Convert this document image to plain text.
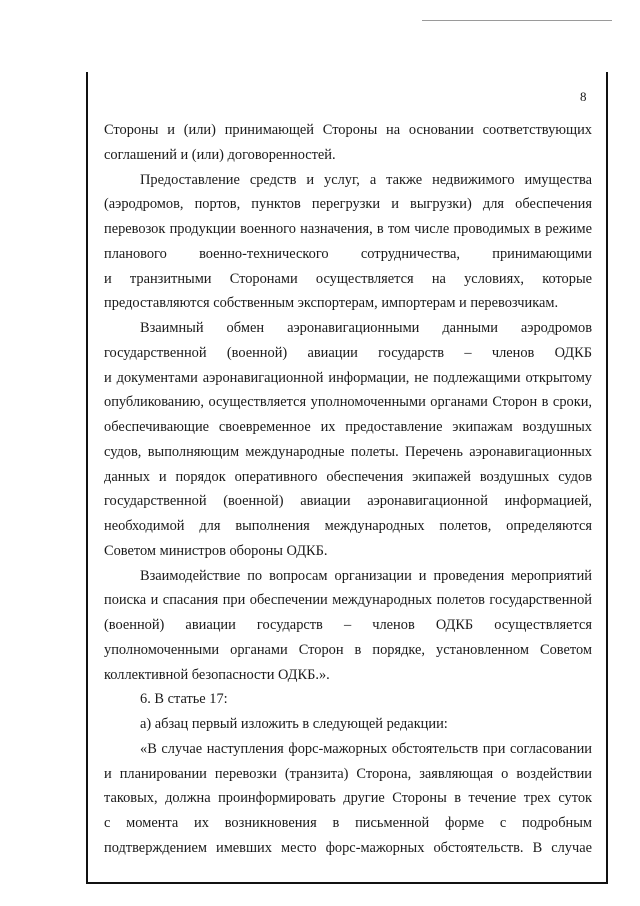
8
Стороны и (или) принимающей Стороны на основании соответствующих
соглашений и (или) договоренностей.
Предоставление средств и услуг, а также недвижимого имущества
(аэродромов, портов, пунктов перегрузки и выгрузки) для обеспечения
перевозок продукции военного назначения, в том числе проводимых в режиме
планового военно-технического сотрудничества, принимающими
и транзитными Сторонами осуществляется на условиях, которые
предоставляются собственным экспортерам, импортерам и перевозчикам.
Взаимный обмен аэронавигационными данными аэродромов
государственной (военной) авиации государств – членов ОДКБ
и документами аэронавигационной информации, не подлежащими открытому
опубликованию, осуществляется уполномоченными органами Сторон в сроки,
обеспечивающие своевременное их предоставление экипажам воздушных
судов, выполняющим международные полеты. Перечень аэронавигационных
данных и порядок оперативного обеспечения экипажей воздушных судов
государственной (военной) авиации аэронавигационной информацией,
необходимой для выполнения международных полетов, определяются
Советом министров обороны ОДКБ.
Взаимодействие по вопросам организации и проведения мероприятий
поиска и спасания при обеспечении международных полетов государственной
(военной) авиации государств – членов ОДКБ осуществляется
уполномоченными органами Сторон в порядке, установленном Советом
коллективной безопасности ОДКБ.».
6. В статье 17:
а) абзац первый изложить в следующей редакции:
«В случае наступления форс-мажорных обстоятельств при согласовании
и планировании перевозки (транзита) Сторона, заявляющая о воздействии
таковых, должна проинформировать другие Стороны в течение трех суток
с момента их возникновения в письменной форме с подробным
подтверждением имевших место форс-мажорных обстоятельств. В случае
